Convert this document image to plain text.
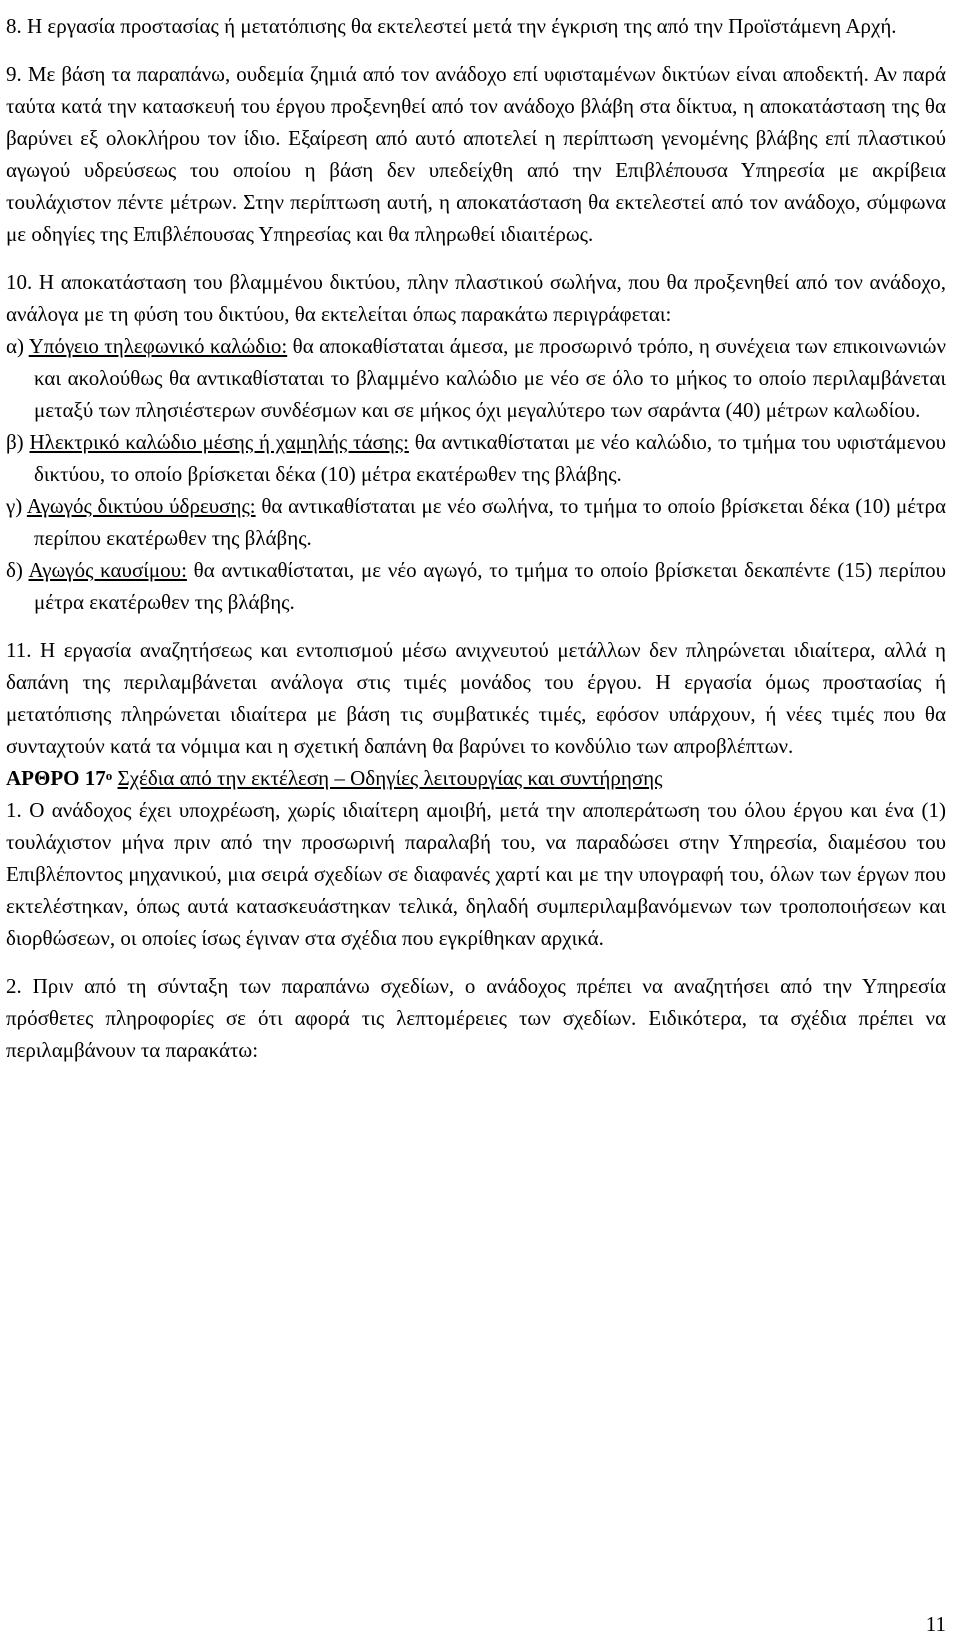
8. Η εργασία προστασίας ή μετατόπισης θα εκτελεστεί μετά την έγκριση της από την Προϊστάμενη Αρχή.

9. Με βάση τα παραπάνω, ουδεμία ζημιά από τον ανάδοχο επί υφισταμένων δικτύων είναι αποδεκτή. Αν παρά ταύτα κατά την κατασκευή του έργου προξενηθεί από τον ανάδοχο βλάβη στα δίκτυα, η αποκατάσταση της θα βαρύνει εξ ολοκλήρου τον ίδιο. Εξαίρεση από αυτό αποτελεί η περίπτωση γενομένης βλάβης επί πλαστικού αγωγού υδρεύσεως του οποίου η βάση δεν υπεδείχθη από την Επιβλέπουσα Υπηρεσία με ακρίβεια τουλάχιστον πέντε μέτρων. Στην περίπτωση αυτή, η αποκατάσταση θα εκτελεστεί από τον ανάδοχο, σύμφωνα με οδηγίες της Επιβλέπουσας Υπηρεσίας και θα πληρωθεί ιδιαιτέρως.

10. Η αποκατάσταση του βλαμμένου δικτύου, πλην πλαστικού σωλήνα, που θα προξενηθεί από τον ανάδοχο, ανάλογα με τη φύση του δικτύου, θα εκτελείται όπως παρακάτω περιγράφεται:

α) Υπόγειο τηλεφωνικό καλώδιο: θα αποκαθίσταται άμεσα, με προσωρινό τρόπο, η συνέχεια των επικοινωνιών και ακολούθως θα αντικαθίσταται το βλαμμένο καλώδιο με νέο σε όλο το μήκος το οποίο περιλαμβάνεται μεταξύ των πλησιέστερων συνδέσμων και σε μήκος όχι μεγαλύτερο των σαράντα (40) μέτρων καλωδίου.

β) Ηλεκτρικό καλώδιο μέσης ή χαμηλής τάσης: θα αντικαθίσταται με νέο καλώδιο, το τμήμα του υφιστάμενου δικτύου, το οποίο βρίσκεται δέκα (10) μέτρα εκατέρωθεν της βλάβης.

γ) Αγωγός δικτύου ύδρευσης: θα αντικαθίσταται με νέο σωλήνα, το τμήμα το οποίο βρίσκεται δέκα (10) μέτρα περίπου εκατέρωθεν της βλάβης.

δ) Αγωγός καυσίμου: θα αντικαθίσταται, με νέο αγωγό, το τμήμα το οποίο βρίσκεται δεκαπέντε (15) περίπου μέτρα εκατέρωθεν της βλάβης.

11. Η εργασία αναζητήσεως και εντοπισμού μέσω ανιχνευτού μετάλλων δεν πληρώνεται ιδιαίτερα, αλλά η δαπάνη της περιλαμβάνεται ανάλογα στις τιμές μονάδος του έργου. Η εργασία όμως προστασίας ή μετατόπισης πληρώνεται ιδιαίτερα με βάση τις συμβατικές τιμές, εφόσον υπάρχουν, ή νέες τιμές που θα συνταχτούν κατά τα νόμιμα και η σχετική δαπάνη θα βαρύνει το κονδύλιο των απροβλέπτων.

ΑΡΘΡΟ $17^o$ Σχέδια από την εκτέλεση – Οδηγίες λειτουργίας και συντήρησης

1. Ο ανάδοχος έχει υποχρέωση, χωρίς ιδιαίτερη αμοιβή, μετά την αποπεράτωση του όλου έργου και ένα (1) τουλάχιστον μήνα πριν από την προσωρινή παραλαβή του, να παραδώσει στην Υπηρεσία, διαμέσου του Επιβλέποντος μηχανικού, μια σειρά σχεδίων σε διαφανές χαρτί και με την υπογραφή του, όλων των έργων που εκτελέστηκαν, όπως αυτά κατασκευάστηκαν τελικά, δηλαδή συμπεριλαμβανόμενων των τροποποιήσεων και διορθώσεων, οι οποίες ίσως έγιναν στα σχέδια που εγκρίθηκαν αρχικά.

2. Πριν από τη σύνταξη των παραπάνω σχεδίων, ο ανάδοχος πρέπει να αναζητήσει από την Υπηρεσία πρόσθετες πληροφορίες σε ότι αφορά τις λεπτομέρειες των σχεδίων. Ειδικότερα, τα σχέδια πρέπει να περιλαμβάνουν τα παρακάτω:

11
